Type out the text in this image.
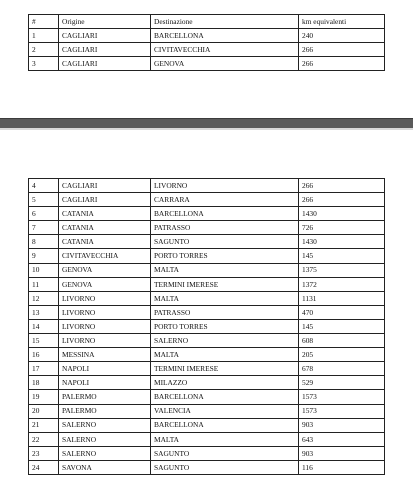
#	Origine	Destinazione	km equivalenti
1	CAGLIARI	BARCELLONA	240
2	CAGLIARI	CIVITAVECCHIA	266
3	CAGLIARI	GENOVA	266
4	CAGLIARI	LIVORNO	266
5	CAGLIARI	CARRARA	266
6	CATANIA	BARCELLONA	1430
7	CATANIA	PATRASSO	726
8	CATANIA	SAGUNTO	1430
9	CIVITAVECCHIA	PORTO TORRES	145
10	GENOVA	MALTA	1375
11	GENOVA	TERMINI IMERESE	1372
12	LIVORNO	MALTA	1131
13	LIVORNO	PATRASSO	470
14	LIVORNO	PORTO TORRES	145
15	LIVORNO	SALERNO	608
16	MESSINA	MALTA	205
17	NAPOLI	TERMINI IMERESE	678
18	NAPOLI	MILAZZO	529
19	PALERMO	BARCELLONA	1573
20	PALERMO	VALENCIA	1573
21	SALERNO	BARCELLONA	903
22	SALERNO	MALTA	643
23	SALERNO	SAGUNTO	903
24	SAVONA	SAGUNTO	116
